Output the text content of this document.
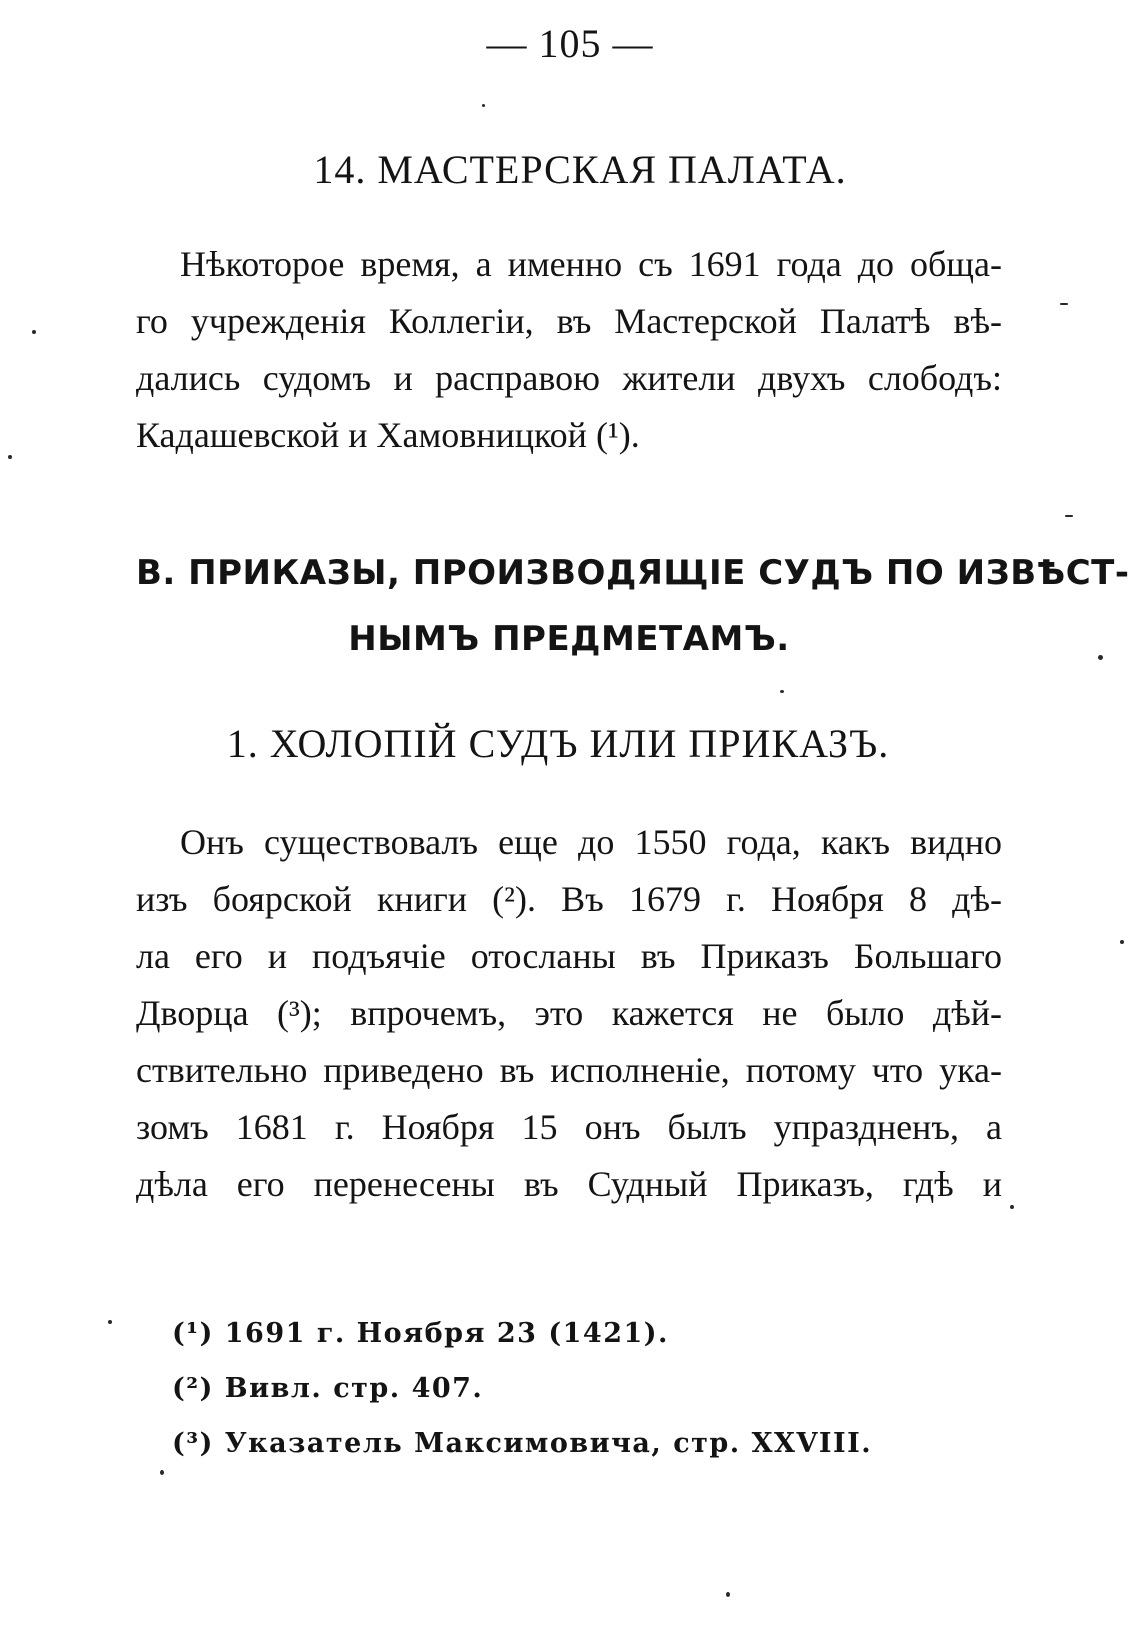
— 105 —
14. МАСТЕРСКАЯ ПАЛАТА.
Нѣкоторое время, а именно съ 1691 года до обща-
го учрежденія Коллегіи, въ Мастерской Палатѣ вѣ-
дались судомъ и расправою жители двухъ слободъ:
Кадашевской и Хамовницкой (¹).
В. ПРИКАЗЫ, ПРОИЗВОДЯЩІЕ СУДЪ ПО ИЗВѢСТ-
НЫМЪ ПРЕДМЕТАМЪ.
1. ХОЛОПІЙ СУДЪ ИЛИ ПРИКАЗЪ.
Онъ существовалъ еще до 1550 года, какъ видно
изъ боярской книги (²). Въ 1679 г. Ноября 8 дѣ-
ла его и подъячіе отосланы въ Приказъ Большаго
Дворца (³); впрочемъ, это кажется не было дѣй-
ствительно приведено въ исполненіе, потому что ука-
зомъ 1681 г. Ноября 15 онъ былъ упраздненъ, а
дѣла его перенесены въ Судный Приказъ, гдѣ и
(¹) 1691 г. Ноября 23 (1421).
(²) Вивл. стр. 407.
(³) Указатель Максимовича, стр. XXVIII.
